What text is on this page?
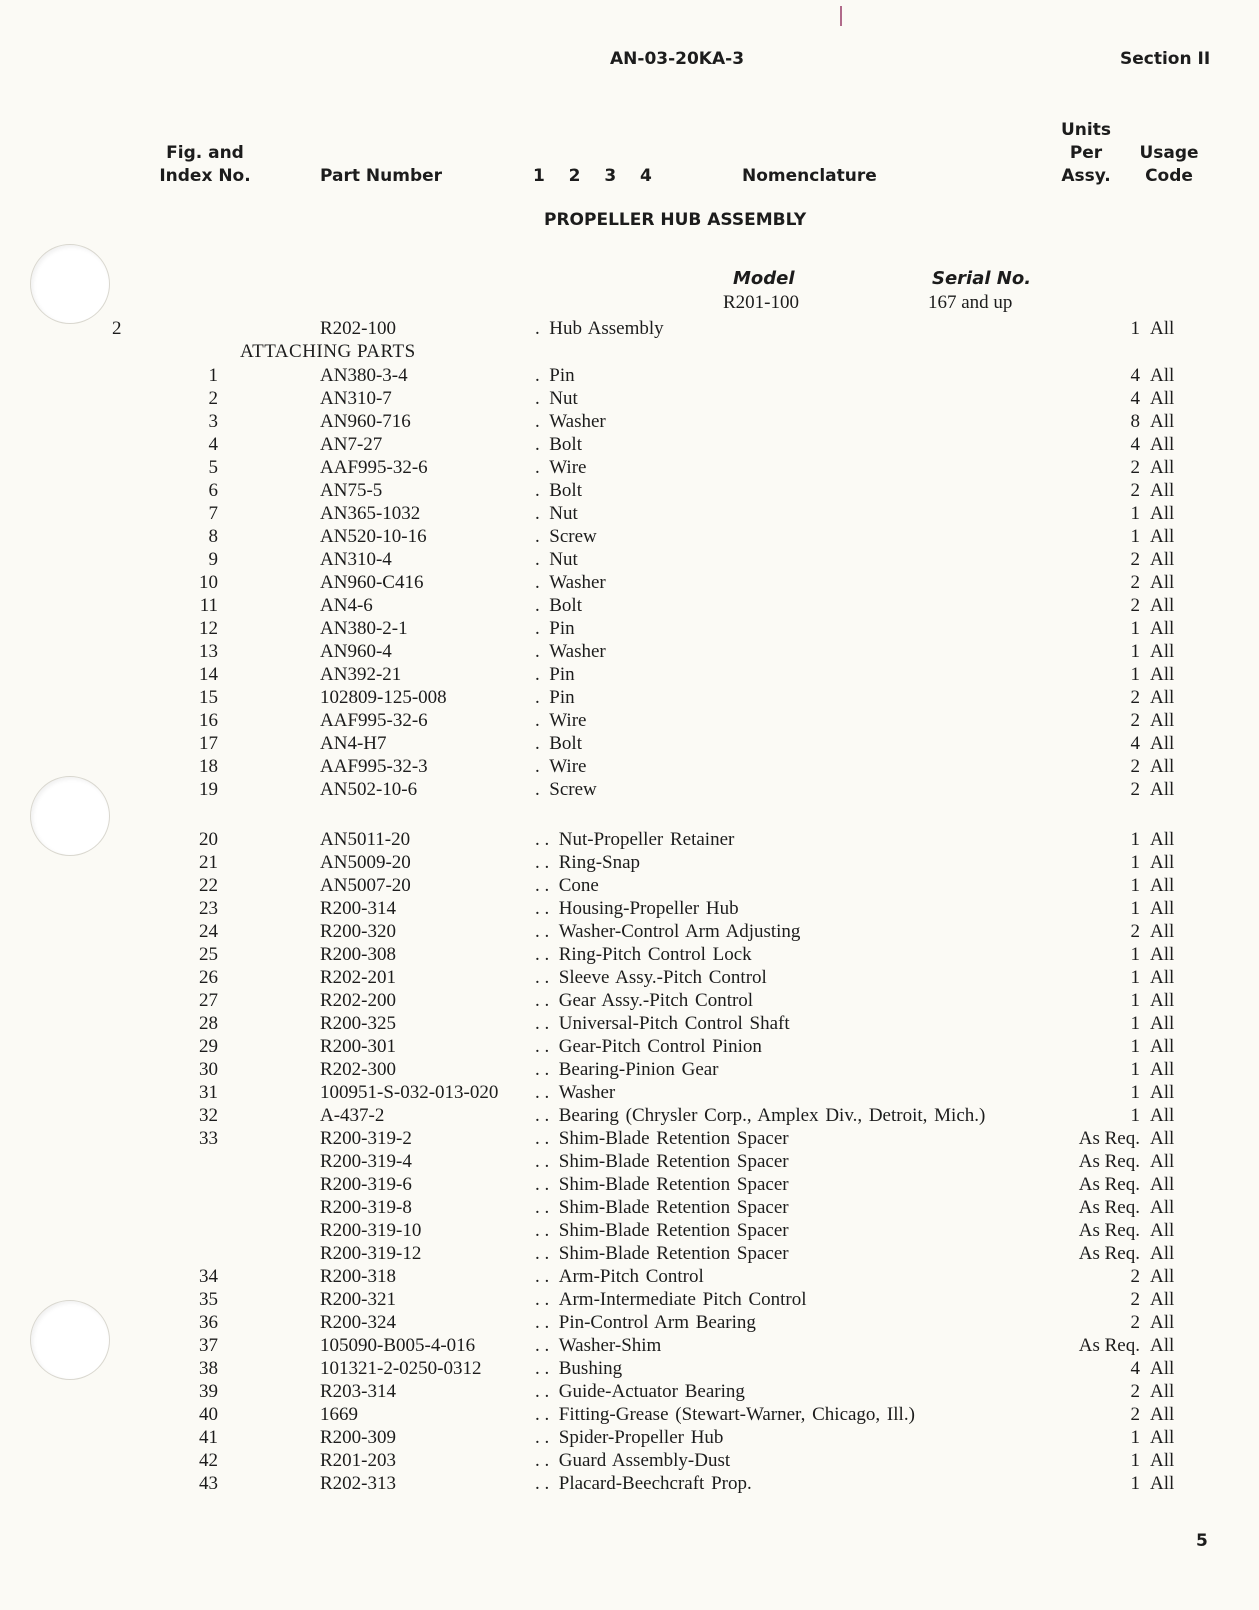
AN-03-20KA-3	Section II
Fig. and
Index No.	Part Number	1  2  3  4	Nomenclature
Units
Per
Assy.
Usage
Code
PROPELLER HUB ASSEMBLY
Model
R201-100
Serial No.
167 and up
ATTACHING PARTS
2	R202-100	.  Hub Assembly	1 All
1	AN380-3-4	.  Pin	4 All
2	AN310-7	.  Nut	4 All
3	AN960-716	.  Washer	8 All
4	AN7-27	.  Bolt	4 All
5	AAF995-32-6	.  Wire	2 All
6	AN75-5	.  Bolt	2 All
7	AN365-1032	.  Nut	1 All
8	AN520-10-16	.  Screw	1 All
9	AN310-4	.  Nut	2 All
10	AN960-C416	.  Washer	2 All
11	AN4-6	.  Bolt	2 All
12	AN380-2-1	.  Pin	1 All
13	AN960-4	.  Washer	1 All
14	AN392-21	.  Pin	1 All
15	102809-125-008	.  Pin	2 All
16	AAF995-32-6	.  Wire	2 All
17	AN4-H7	.  Bolt	4 All
18	AAF995-32-3	.  Wire	2 All
19	AN502-10-6	.  Screw	2 All
20	AN5011-20	. .  Nut-Propeller Retainer	1 All
21	AN5009-20	. .  Ring-Snap	1 All
22	AN5007-20	. .  Cone	1 All
23	R200-314	. .  Housing-Propeller Hub	1 All
24	R200-320	. .  Washer-Control Arm Adjusting	2 All
25	R200-308	. .  Ring-Pitch Control Lock	1 All
26	R202-201	. .  Sleeve Assy.-Pitch Control	1 All
27	R202-200	. .  Gear Assy.-Pitch Control	1 All
28	R200-325	. .  Universal-Pitch Control Shaft	1 All
29	R200-301	. .  Gear-Pitch Control Pinion	1 All
30	R202-300	. .  Bearing-Pinion Gear	1 All
31	100951-S-032-013-020 . .  Washer	1 All
32	A-437-2	. .  Bearing (Chrysler Corp., Amplex Div., Detroit, Mich.)	1 All
33	R200-319-2	. .  Shim-Blade Retention Spacer	As Req. All
R200-319-4	. .  Shim-Blade Retention Spacer	As Req. All
R200-319-6	. .  Shim-Blade Retention Spacer	As Req. All
R200-319-8	. .  Shim-Blade Retention Spacer	As Req. All
R200-319-10	. .  Shim-Blade Retention Spacer	As Req. All
R200-319-12	. .  Shim-Blade Retention Spacer	As Req. All
34	R200-318	. .  Arm-Pitch Control	2 All
35	R200-321	. .  Arm-Intermediate Pitch Control	2 All
36	R200-324	. .  Pin-Control Arm Bearing	2 All
37	105090-B005-4-016	. .  Washer-Shim	As Req. All
38	101321-2-0250-0312	. .  Bushing	4 All
39	R203-314	. .  Guide-Actuator Bearing	2 All
40	1669	. .  Fitting-Grease (Stewart-Warner, Chicago, Ill.)	2 All
41	R200-309	. .  Spider-Propeller Hub	1 All
42	R201-203	. .  Guard Assembly-Dust	1 All
43	R202-313	. .  Placard-Beechcraft Prop.	1 All
5
